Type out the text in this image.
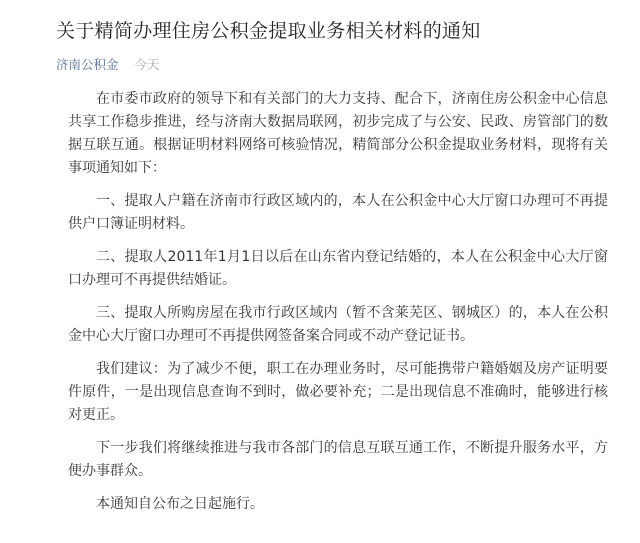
关于精简办理住房公积金提取业务相关材料的通知
济南公积金 今天

在市委市政府的领导下和有关部门的大力支持、配合下，济南住房公积金中心信息共享工作稳步推进，经与济南大数据局联网，初步完成了与公安、民政、房管部门的数据互联互通。根据证明材料网络可核验情况，精简部分公积金提取业务材料，现将有关事项通知如下：

一、提取人户籍在济南市行政区域内的，本人在公积金中心大厅窗口办理可不再提供户口簿证明材料。

二、提取人2011年1月1日以后在山东省内登记结婚的，本人在公积金中心大厅窗口办理可不再提供结婚证。

三、提取人所购房屋在我市行政区域内（暂不含莱芜区、钢城区）的，本人在公积金中心大厅窗口办理可不再提供网签备案合同或不动产登记证书。

我们建议：为了减少不便，职工在办理业务时，尽可能携带户籍婚姻及房产证明要件原件，一是出现信息查询不到时，做必要补充；二是出现信息不准确时，能够进行核对更正。

下一步我们将继续推进与我市各部门的信息互联互通工作，不断提升服务水平，方便办事群众。

本通知自公布之日起施行。
